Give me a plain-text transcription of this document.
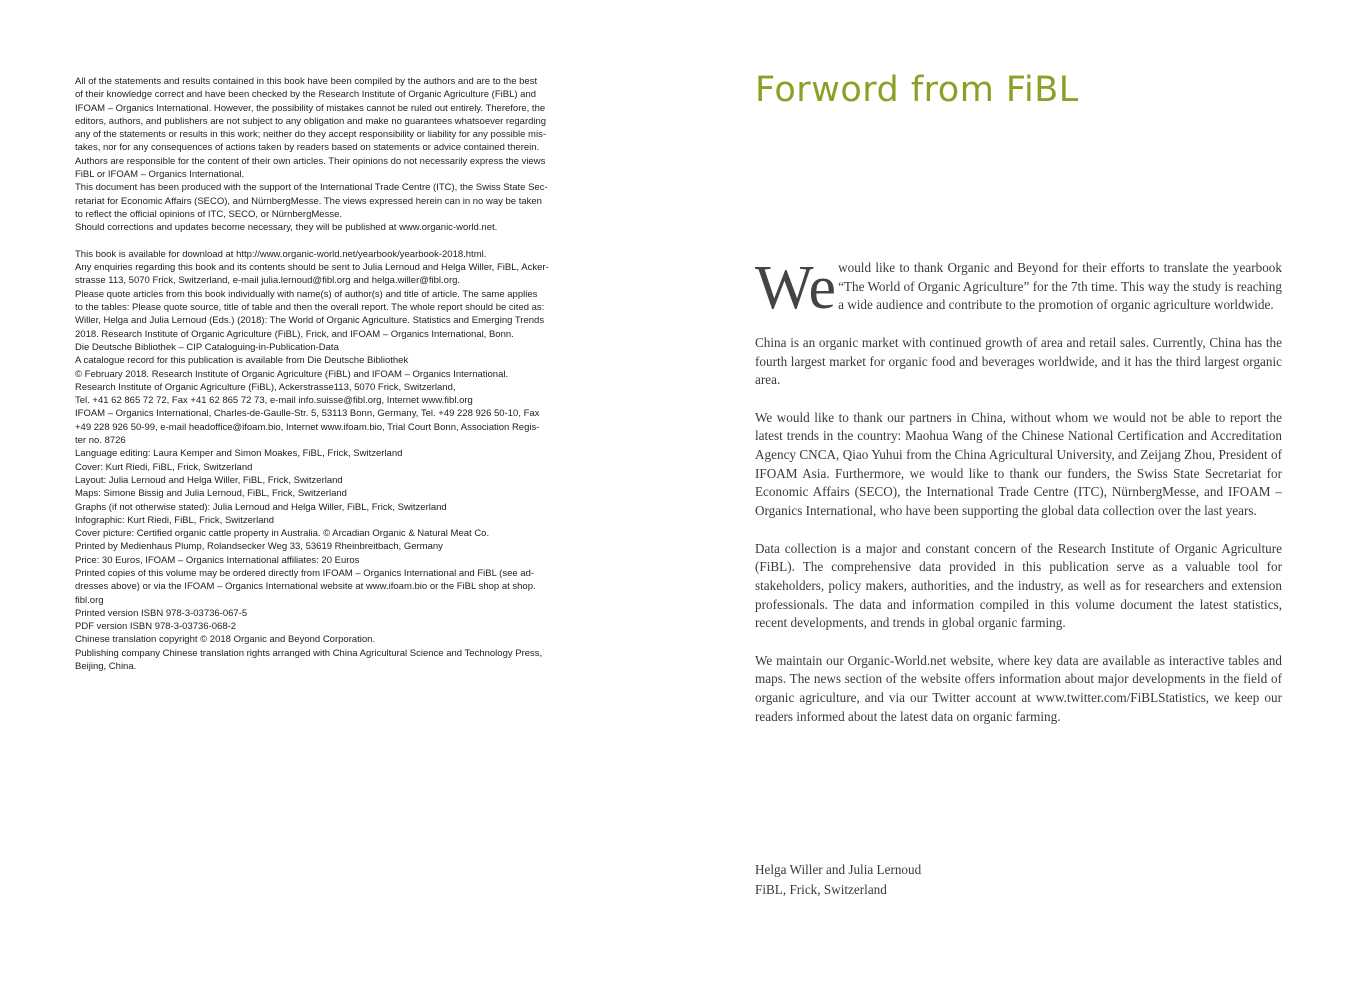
All of the statements and results contained in this book have been compiled by the authors and are to the best
of their knowledge correct and have been checked by the Research Institute of Organic Agriculture (FiBL) and
IFOAM – Organics International. However, the possibility of mistakes cannot be ruled out entirely. Therefore, the
editors, authors, and publishers are not subject to any obligation and make no guarantees whatsoever regarding
any of the statements or results in this work; neither do they accept responsibility or liability for any possible mis-
takes, nor for any consequences of actions taken by readers based on statements or advice contained therein.
Authors are responsible for the content of their own articles. Their opinions do not necessarily express the views
FiBL or IFOAM – Organics International.
This document has been produced with the support of the International Trade Centre (ITC), the Swiss State Sec-
retariat for Economic Affairs (SECO), and NürnbergMesse. The views expressed herein can in no way be taken
to reflect the official opinions of ITC, SECO, or NürnbergMesse.
Should corrections and updates become necessary, they will be published at www.organic-world.net.
This book is available for download at http://www.organic-world.net/yearbook/yearbook-2018.html.
Any enquiries regarding this book and its contents should be sent to Julia Lernoud and Helga Willer, FiBL, Acker-
strasse 113, 5070 Frick, Switzerland, e-mail julia.lernoud@fibl.org and helga.willer@fibl.org.
Please quote articles from this book individually with name(s) of author(s) and title of article. The same applies
to the tables: Please quote source, title of table and then the overall report. The whole report should be cited as:
Willer, Helga and Julia Lernoud (Eds.) (2018): The World of Organic Agriculture. Statistics and Emerging Trends
2018. Research Institute of Organic Agriculture (FiBL), Frick, and IFOAM – Organics International, Bonn.
Die Deutsche Bibliothek – CIP Cataloguing-in-Publication-Data
A catalogue record for this publication is available from Die Deutsche Bibliothek
© February 2018. Research Institute of Organic Agriculture (FiBL) and IFOAM – Organics International.
Research Institute of Organic Agriculture (FiBL), Ackerstrasse113, 5070 Frick, Switzerland,
Tel. +41 62 865 72 72, Fax +41 62 865 72 73, e-mail info.suisse@fibl.org, Internet www.fibl.org
IFOAM – Organics International, Charles-de-Gaulle-Str. 5, 53113 Bonn, Germany, Tel. +49 228 926 50-10, Fax
+49 228 926 50-99, e-mail headoffice@ifoam.bio, Internet www.ifoam.bio, Trial Court Bonn, Association Regis-
ter no. 8726
Language editing: Laura Kemper and Simon Moakes, FiBL, Frick, Switzerland
Cover: Kurt Riedi, FiBL, Frick, Switzerland
Layout: Julia Lernoud and Helga Willer, FiBL, Frick, Switzerland
Maps: Simone Bissig and Julia Lernoud, FiBL, Frick, Switzerland
Graphs (if not otherwise stated): Julia Lernoud and Helga Willer, FiBL, Frick, Switzerland
Infographic: Kurt Riedi, FiBL, Frick, Switzerland
Cover picture: Certified organic cattle property in Australia. © Arcadian Organic & Natural Meat Co.
Printed by Medienhaus Plump, Rolandsecker Weg 33, 53619 Rheinbreitbach, Germany
Price: 30 Euros, IFOAM – Organics International affiliates: 20 Euros
Printed copies of this volume may be ordered directly from IFOAM – Organics International and FiBL (see ad-
dresses above) or via the IFOAM – Organics International website at www.ifoam.bio or the FiBL shop at shop.
fibl.org
Printed version ISBN 978-3-03736-067-5
PDF version ISBN 978-3-03736-068-2
Chinese translation copyright © 2018 Organic and Beyond Corporation.
Publishing company Chinese translation rights arranged with China Agricultural Science and Technology Press,
Beijing, China.
Forword from FiBL

We would like to thank Organic and Beyond for their efforts to translate the yearbook “The World of Organic Agriculture” for the 7th time. This way the study is reaching a wide audience and contribute to the promotion of organic agriculture worldwide.

China is an organic market with continued growth of area and retail sales. Currently, China has the fourth largest market for organic food and beverages worldwide, and it has the third largest organic area.

We would like to thank our partners in China, without whom we would not be able to report the latest trends in the country: Maohua Wang of the Chinese National Certification and Accreditation Agency CNCA, Qiao Yuhui from the China Agricultural University, and Zeijang Zhou, President of IFOAM Asia. Furthermore, we would like to thank our funders, the Swiss State Secretariat for Economic Affairs (SECO), the International Trade Centre (ITC), NürnbergMesse, and IFOAM – Organics International, who have been supporting the global data collection over the last years.

Data collection is a major and constant concern of the Research Institute of Organic Agriculture (FiBL). The comprehensive data provided in this publication serve as a valuable tool for stakeholders, policy makers, authorities, and the industry, as well as for researchers and extension professionals. The data and information compiled in this volume document the latest statistics, recent developments, and trends in global organic farming.

We maintain our Organic-World.net website, where key data are available as interactive tables and maps. The news section of the website offers information about major developments in the field of organic agriculture, and via our Twitter account at www.twitter.com/FiBLStatistics, we keep our readers informed about the latest data on organic farming.

Helga Willer and Julia Lernoud
FiBL, Frick, Switzerland
